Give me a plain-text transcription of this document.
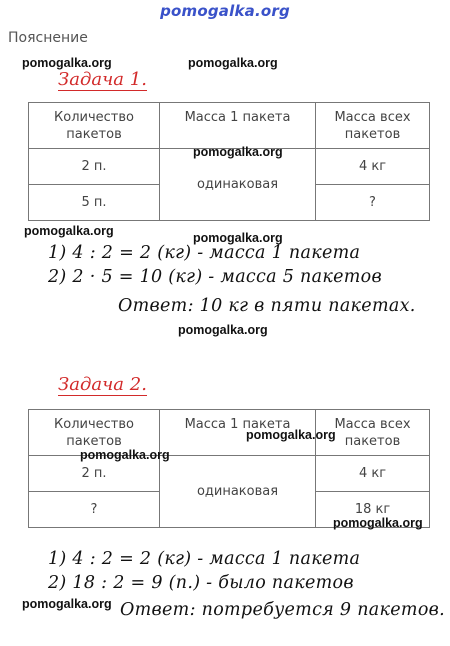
pomogalka.org
Пояснение
pomogalka.org	pomogalka.org
Задача 1.
Количество пакетов	Масса 1 пакета	Масса всех пакетов
2 п.	одинаковая	4 кг
5 п.		?
pomogalka.org
pomogalka.org	pomogalka.org
1) 4 : 2 = 2 (кг) - масса 1 пакета
2) 2 · 5 = 10 (кг) - масса 5 пакетов
Ответ: 10 кг в пяти пакетах.
pomogalka.org
Задача 2.
Количество пакетов	Масса 1 пакета	Масса всех пакетов
2 п.	одинаковая	4 кг
?		18 кг
pomogalka.org
pomogalka.org
pomogalka.org
1) 4 : 2 = 2 (кг) - масса 1 пакета
2) 18 : 2 = 9 (п.) - было пакетов
pomogalka.org Ответ: потребуется 9 пакетов.
